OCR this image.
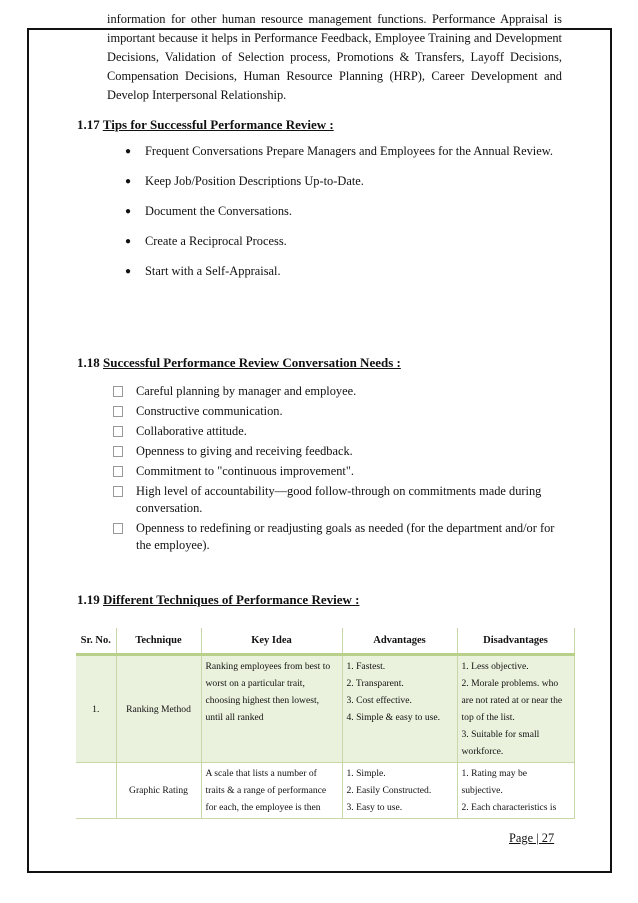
information for other human resource management functions. Performance Appraisal is important because it helps in Performance Feedback, Employee Training and Development Decisions, Validation of Selection process, Promotions & Transfers, Layoff Decisions, Compensation Decisions, Human Resource Planning (HRP), Career Development and Develop Interpersonal Relationship.
1.17 Tips for Successful Performance Review :
● Frequent Conversations Prepare Managers and Employees for the Annual Review.
● Keep Job/Position Descriptions Up-to-Date.
● Document the Conversations.
● Create a Reciprocal Process.
● Start with a Self-Appraisal.
1.18 Successful Performance Review Conversation Needs :
Careful planning by manager and employee.
Constructive communication.
Collaborative attitude.
Openness to giving and receiving feedback.
Commitment to "continuous improvement".
High level of accountability—good follow-through on commitments made during conversation.
Openness to redefining or readjusting goals as needed (for the department and/or for the employee).
1.19 Different Techniques of Performance Review :
Sr. No.	Technique	Key Idea	Advantages	Disadvantages
1.	Ranking Method	Ranking employees from best to worst on a particular trait, choosing highest then lowest, until all ranked	1. Fastest.
2. Transparent.
3. Cost effective.
4. Simple & easy to use.	1. Less objective.
2. Morale problems. who are not rated at or near the top of the list.
3. Suitable for small workforce.

	Graphic Rating	A scale that lists a number of traits & a range of performance for each, the employee is then	1. Simple.
2. Easily Constructed.
3. Easy to use.	1. Rating may be subjective.
2. Each characteristics is
Page | 27
